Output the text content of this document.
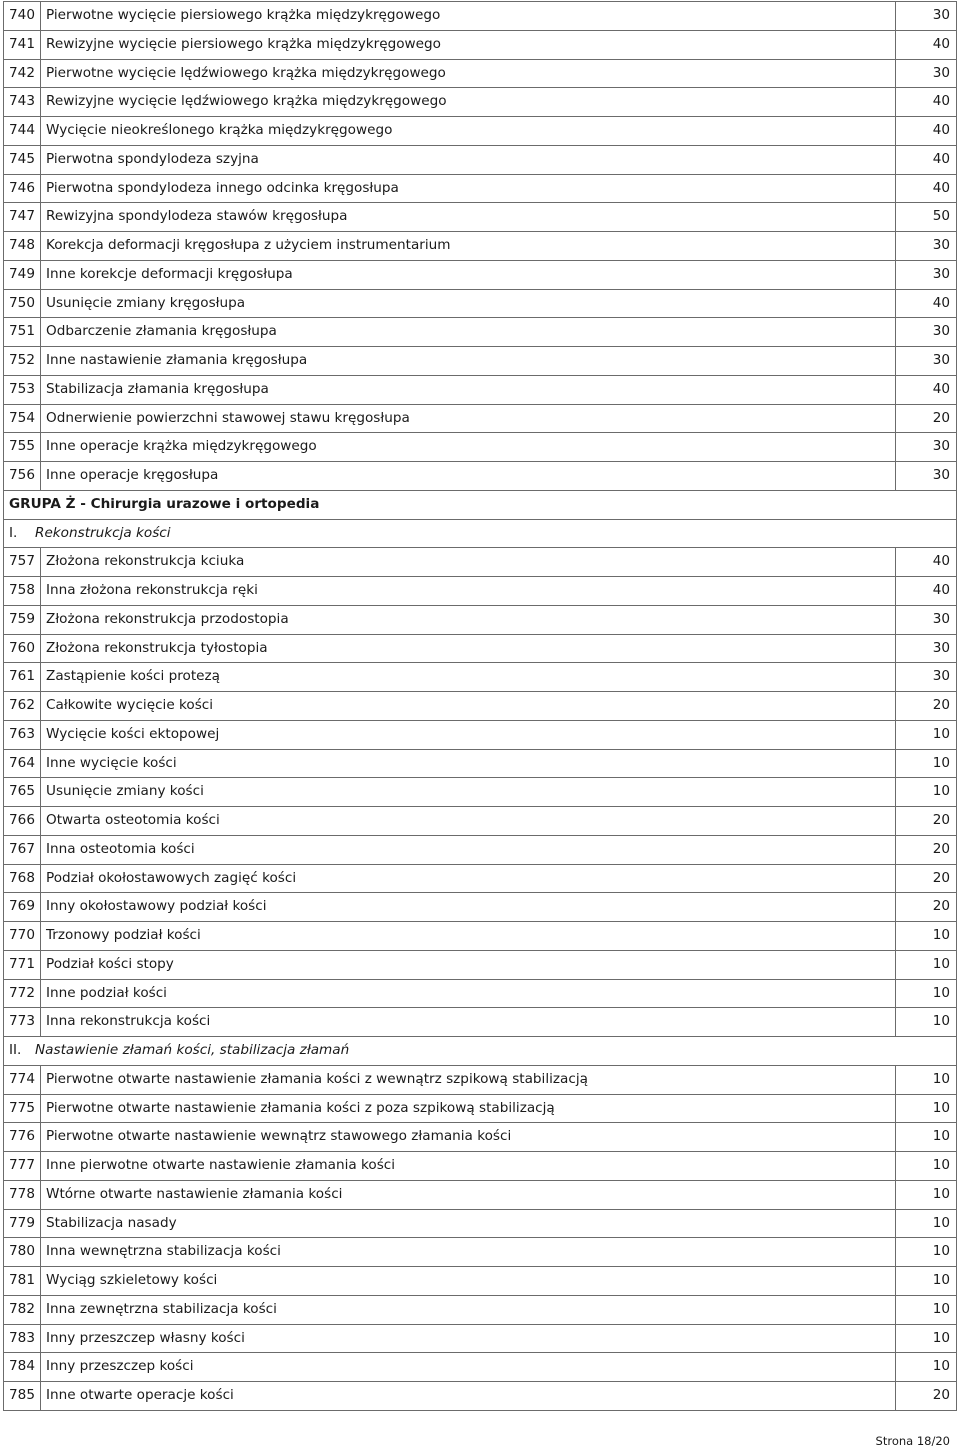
740	Pierwotne wycięcie piersiowego krążka międzykręgowego	30
741	Rewizyjne wycięcie piersiowego krążka międzykręgowego	40
742	Pierwotne wycięcie lędźwiowego krążka międzykręgowego	30
743	Rewizyjne wycięcie lędźwiowego krążka międzykręgowego	40
744	Wycięcie nieokreślonego krążka międzykręgowego	40
745	Pierwotna spondylodeza szyjna	40
746	Pierwotna spondylodeza innego odcinka kręgosłupa	40
747	Rewizyjna spondylodeza stawów kręgosłupa	50
748	Korekcja deformacji kręgosłupa z użyciem instrumentarium	30
749	Inne korekcje deformacji kręgosłupa	30
750	Usunięcie zmiany kręgosłupa	40
751	Odbarczenie złamania kręgosłupa	30
752	Inne nastawienie złamania kręgosłupa	30
753	Stabilizacja złamania kręgosłupa	40
754	Odnerwienie powierzchni stawowej stawu kręgosłupa	20
755	Inne operacje krążka międzykręgowego	30
756	Inne operacje kręgosłupa	30
GRUPA Ż - Chirurgia urazowe i ortopedia		
I. Rekonstrukcja kości		
757	Złożona rekonstrukcja kciuka	40
758	Inna złożona rekonstrukcja ręki	40
759	Złożona rekonstrukcja przodostopia	30
760	Złożona rekonstrukcja tyłostopia	30
761	Zastąpienie kości protezą	30
762	Całkowite wycięcie kości	20
763	Wycięcie kości ektopowej	10
764	Inne wycięcie kości	10
765	Usunięcie zmiany kości	10
766	Otwarta osteotomia kości	20
767	Inna osteotomia kości	20
768	Podział okołostawowych zagięć kości	20
769	Inny okołostawowy podział kości	20
770	Trzonowy podział kości	10
771	Podział kości stopy	10
772	Inne podział kości	10
773	Inna rekonstrukcja kości	10
II. Nastawienie złamań kości, stabilizacja złamań		
774	Pierwotne otwarte nastawienie złamania kości z wewnątrz szpikową stabilizacją	10
775	Pierwotne otwarte nastawienie złamania kości z poza szpikową stabilizacją	10
776	Pierwotne otwarte nastawienie wewnątrz stawowego złamania kości	10
777	Inne pierwotne otwarte nastawienie złamania kości	10
778	Wtórne otwarte nastawienie złamania kości	10
779	Stabilizacja nasady	10
780	Inna wewnętrzna stabilizacja kości	10
781	Wyciąg szkieletowy kości	10
782	Inna zewnętrzna stabilizacja kości	10
783	Inny przeszczep własny kości	10
784	Inny przeszczep kości	10
785	Inne otwarte operacje kości	20
Strona 18/20
